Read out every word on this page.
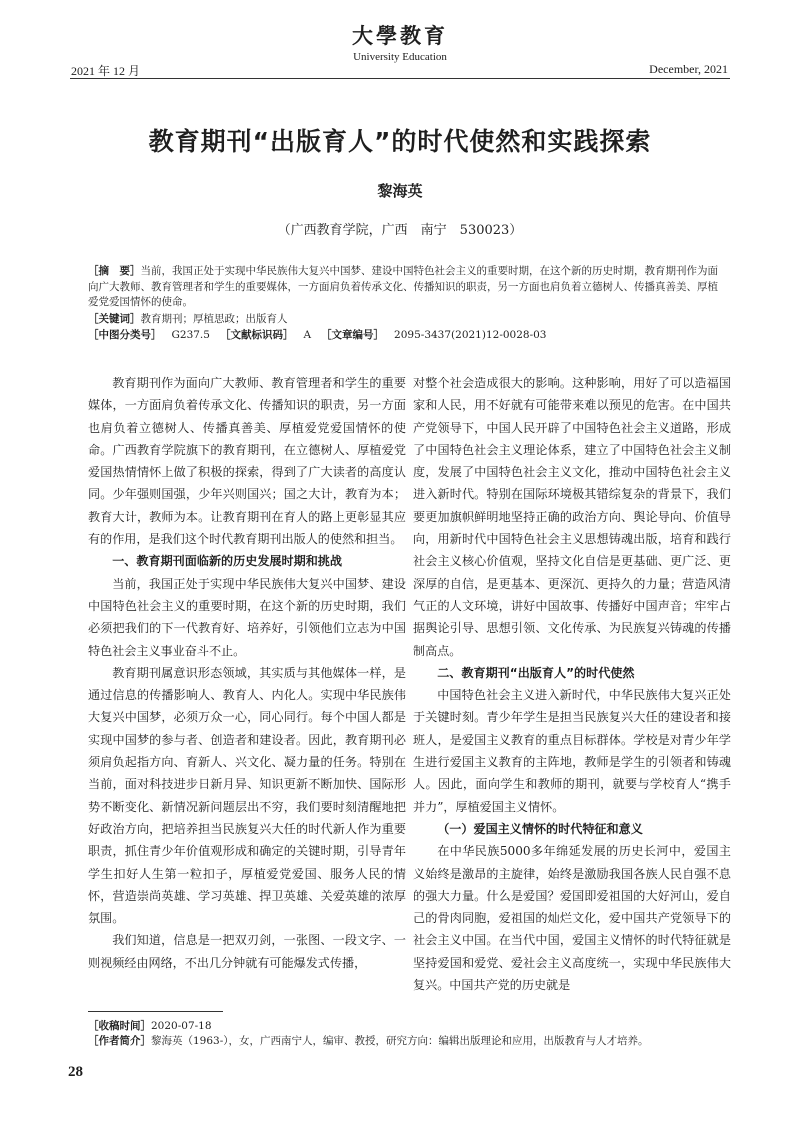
大學教育
University Education
2021 年 12 月	December, 2021
教育期刊“出版育人”的时代使然和实践探索
黎海英
（广西教育学院，广西　南宁　530023）
［摘　要］当前，我国正处于实现中华民族伟大复兴中国梦、建设中国特色社会主义的重要时期，在这个新的历史时期，教育期刊作为面向广大教师、教育管理者和学生的重要媒体，一方面肩负着传承文化、传播知识的职责，另一方面也肩负着立德树人、传播真善美、厚植爱党爱国情怀的使命。
［关键词］教育期刊；厚植思政；出版育人
［中图分类号］ G237.5 ［文献标识码］ A ［文章编号］ 2095-3437(2021)12-0028-03

教育期刊作为面向广大教师、教育管理者和学生的重要媒体，一方面肩负着传承文化、传播知识的职责，另一方面也肩负着立德树人、传播真善美、厚植爱党爱国情怀的使命。广西教育学院旗下的教育期刊，在立德树人、厚植爱党爱国热情情怀上做了积极的探索，得到了广大读者的高度认同。少年强则国强，少年兴则国兴；国之大计，教育为本；教育大计，教师为本。让教育期刊在育人的路上更彰显其应有的作用，是我们这个时代教育期刊出版人的使然和担当。

一、教育期刊面临新的历史发展时期和挑战

当前，我国正处于实现中华民族伟大复兴中国梦、建设中国特色社会主义的重要时期，在这个新的历史时期，我们必须把我们的下一代教育好、培养好，引领他们立志为中国特色社会主义事业奋斗不止。

教育期刊属意识形态领域，其实质与其他媒体一样，是通过信息的传播影响人、教育人、内化人。实现中华民族伟大复兴中国梦，必须万众一心，同心同行。每个中国人都是实现中国梦的参与者、创造者和建设者。因此，教育期刊必须肩负起指方向、育新人、兴文化、凝力量的任务。特别在当前，面对科技进步日新月异、知识更新不断加快、国际形势不断变化、新情况新问题层出不穷，我们要时刻清醒地把好政治方向，把培养担当民族复兴大任的时代新人作为重要职责，抓住青少年价值观形成和确定的关键时期，引导青年学生扣好人生第一粒扣子，厚植爱党爱国、服务人民的情怀，营造崇尚英雄、学习英雄、捍卫英雄、关爱英雄的浓厚氛围。

我们知道，信息是一把双刃剑，一张图、一段文字、一则视频经由网络，不出几分钟就有可能爆发式传播，

对整个社会造成很大的影响。这种影响，用好了可以造福国家和人民，用不好就有可能带来难以预见的危害。在中国共产党领导下，中国人民开辟了中国特色社会主义道路，形成了中国特色社会主义理论体系，建立了中国特色社会主义制度，发展了中国特色社会主义文化，推动中国特色社会主义进入新时代。特别在国际环境极其错综复杂的背景下，我们要更加旗帜鲜明地坚持正确的政治方向、舆论导向、价值导向，用新时代中国特色社会主义思想铸魂出版，培育和践行社会主义核心价值观，坚持文化自信是更基础、更广泛、更深厚的自信，是更基本、更深沉、更持久的力量；营造风清气正的人文环境，讲好中国故事、传播好中国声音；牢牢占据舆论引导、思想引领、文化传承、为民族复兴铸魂的传播制高点。

二、教育期刊“出版育人”的时代使然

中国特色社会主义进入新时代，中华民族伟大复兴正处于关键时刻。青少年学生是担当民族复兴大任的建设者和接班人，是爱国主义教育的重点目标群体。学校是对青少年学生进行爱国主义教育的主阵地，教师是学生的引领者和铸魂人。因此，面向学生和教师的期刊，就要与学校育人“携手并力”，厚植爱国主义情怀。

（一）爱国主义情怀的时代特征和意义

在中华民族5000多年绵延发展的历史长河中，爱国主义始终是激昂的主旋律，始终是激励我国各族人民自强不息的强大力量。什么是爱国？爱国即爱祖国的大好河山，爱自己的骨肉同胞，爱祖国的灿烂文化，爱中国共产党领导下的社会主义中国。在当代中国，爱国主义情怀的时代特征就是坚持爱国和爱党、爱社会主义高度统一，实现中华民族伟大复兴。中国共产党的历史就是

［收稿时间］2020-07-18
［作者简介］黎海英（1963-），女，广西南宁人，编审、教授，研究方向：编辑出版理论和应用，出版教育与人才培养。
28
